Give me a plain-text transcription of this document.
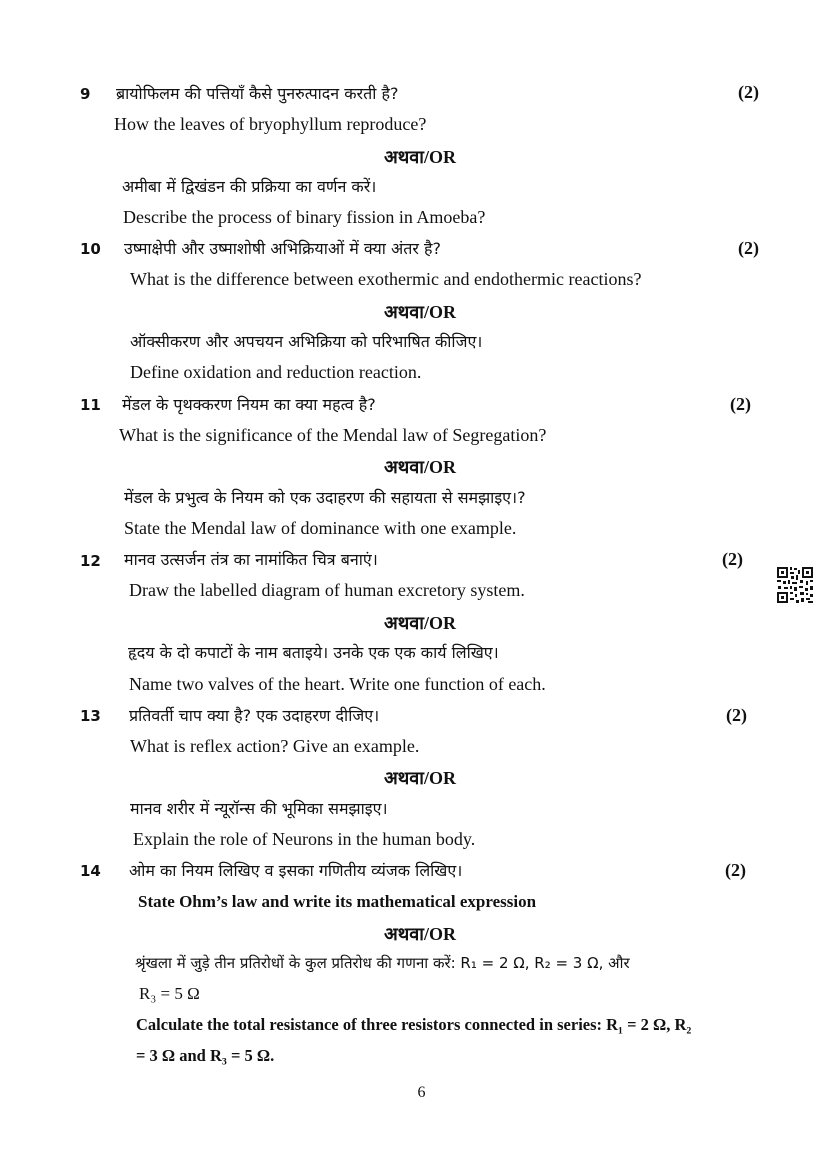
9 ब्रायोफिलम की पत्तियाँ कैसे पुनरुत्पादन करती है?	(2)
How the leaves of bryophyllum reproduce?
अथवा/OR
अमीबा में द्विखंडन की प्रक्रिया का वर्णन करें।
Describe the process of binary fission in Amoeba?
10 उष्माक्षेपी और उष्माशोषी अभिक्रियाओं में क्या अंतर है?	(2)
What is the difference between exothermic and endothermic reactions?
अथवा/OR
ऑक्सीकरण और अपचयन अभिक्रिया को परिभाषित कीजिए।
Define oxidation and reduction reaction.
11 मेंडल के पृथक्करण नियम का क्या महत्व है?	(2)
What is the significance of the Mendal law of Segregation?
अथवा/OR
मेंडल के प्रभुत्व के नियम को एक उदाहरण की सहायता से समझाइए।?
State the Mendal law of dominance with one example.
12 मानव उत्सर्जन तंत्र का नामांकित चित्र बनाएं।	(2)
Draw the labelled diagram of human excretory system.
अथवा/OR
हृदय के दो कपाटों के नाम बताइये। उनके एक एक कार्य लिखिए।
Name two valves of the heart. Write one function of each.
13 प्रतिवर्ती चाप क्या है? एक उदाहरण दीजिए।	(2)
What is reflex action? Give an example.
अथवा/OR
मानव शरीर में न्यूरॉन्स की भूमिका समझाइए।
Explain the role of Neurons in the human body.
14 ओम का नियम लिखिए व इसका गणितीय व्यंजक लिखिए।	(2)
State Ohm’s law and write its mathematical expression
अथवा/OR
श्रृंखला में जुड़े तीन प्रतिरोधों के कुल प्रतिरोध की गणना करें: R₁ = 2 Ω, R₂ = 3 Ω, और
R₃ = 5 Ω
Calculate the total resistance of three resistors connected in series: R₁ = 2 Ω, R₂
= 3 Ω and R₃ = 5 Ω.
6
